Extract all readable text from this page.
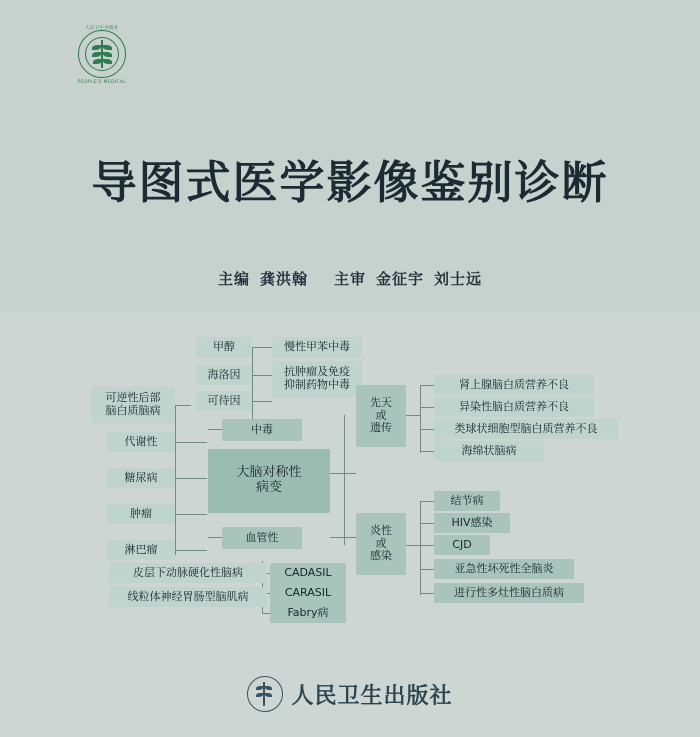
人民卫生出版社
PEOPLE'S MEDICAL
导图式医学影像鉴别诊断
主编 龚洪翰 主审 金征宇 刘士远
甲醇
海洛因
可待因
慢性甲苯中毒
抗肿瘤及免疫
抑制药物中毒
中毒
可逆性后部
脑白质脑病
代谢性
糖尿病
肿瘤
淋巴瘤
大脑对称性
病变
血管性
CADASIL
CARASIL
Fabry病
皮层下动脉硬化性脑病
线粒体神经胃肠型脑肌病
先天
或
遗传
肾上腺脑白质营养不良
异染性脑白质营养不良
类球状细胞型脑白质营养不良
海绵状脑病
炎性
或
感染
结节病
HIV感染
CJD
亚急性坏死性全脑炎
进行性多灶性脑白质病
人民卫生出版社
